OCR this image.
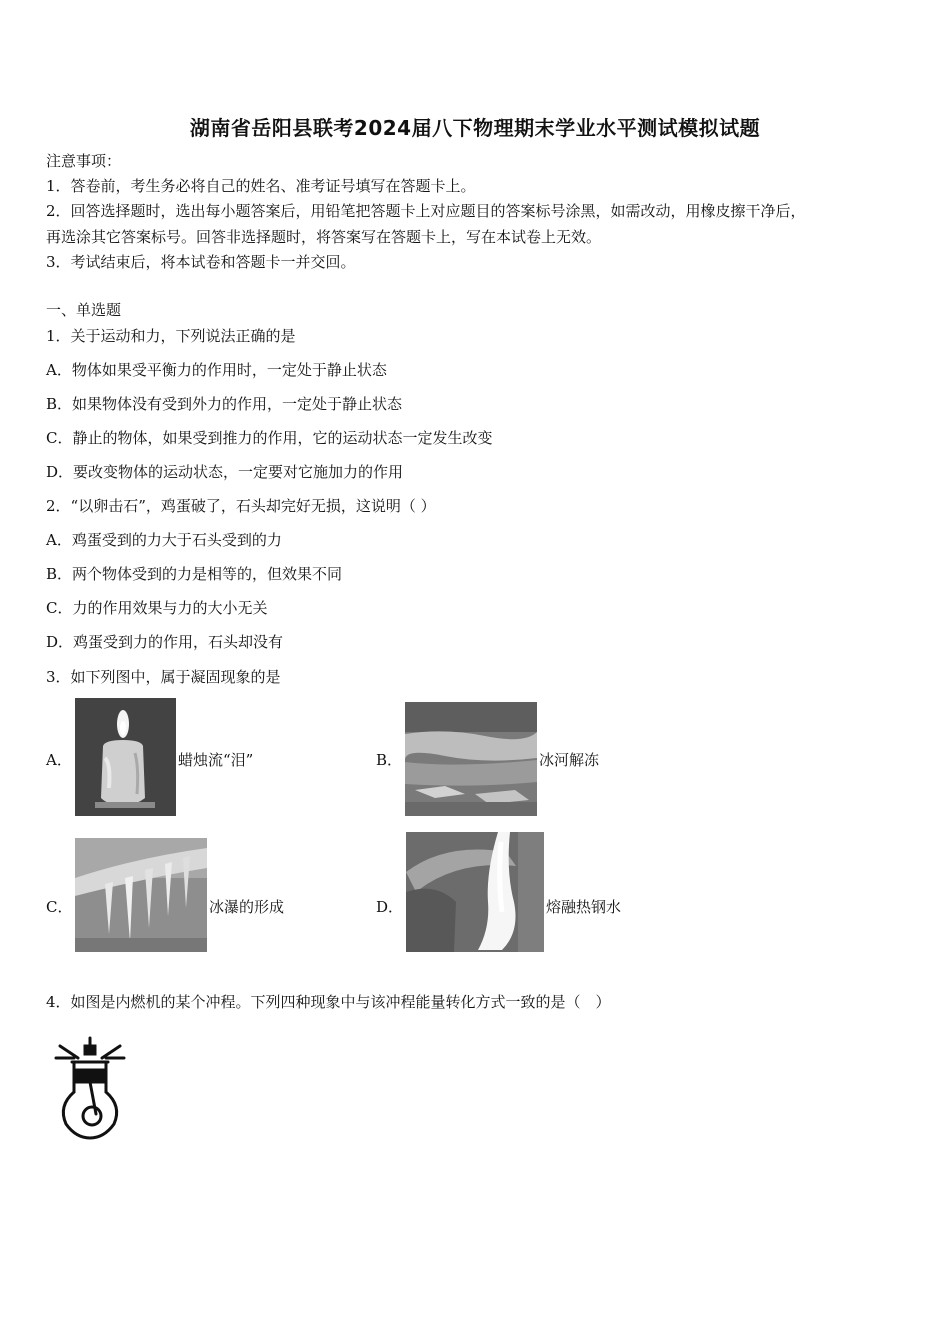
湖南省岳阳县联考2024届八下物理期末学业水平测试模拟试题
注意事项：
1．答卷前，考生务必将自己的姓名、准考证号填写在答题卡上。
2．回答选择题时，选出每小题答案后，用铅笔把答题卡上对应题目的答案标号涂黑，如需改动，用橡皮擦干净后，
再选涂其它答案标号。回答非选择题时，将答案写在答题卡上，写在本试卷上无效。
3．考试结束后，将本试卷和答题卡一并交回。
一、单选题
1．关于运动和力，下列说法正确的是
A．物体如果受平衡力的作用时，一定处于静止状态
B．如果物体没有受到外力的作用，一定处于静止状态
C．静止的物体，如果受到推力的作用，它的运动状态一定发生改变
D．要改变物体的运动状态，一定要对它施加力的作用
2．“以卵击石”，鸡蛋破了，石头却完好无损，这说明（ ）
A．鸡蛋受到的力大于石头受到的力
B．两个物体受到的力是相等的，但效果不同
C．力的作用效果与力的大小无关
D．鸡蛋受到力的作用，石头却没有
3．如下列图中，属于凝固现象的是
A．	蜡烛流“泪”	B．	冰河解冻
C．	冰瀑的形成	D．	熔融热钢水
4．如图是内燃机的某个冲程。下列四种现象中与该冲程能量转化方式一致的是（　）
